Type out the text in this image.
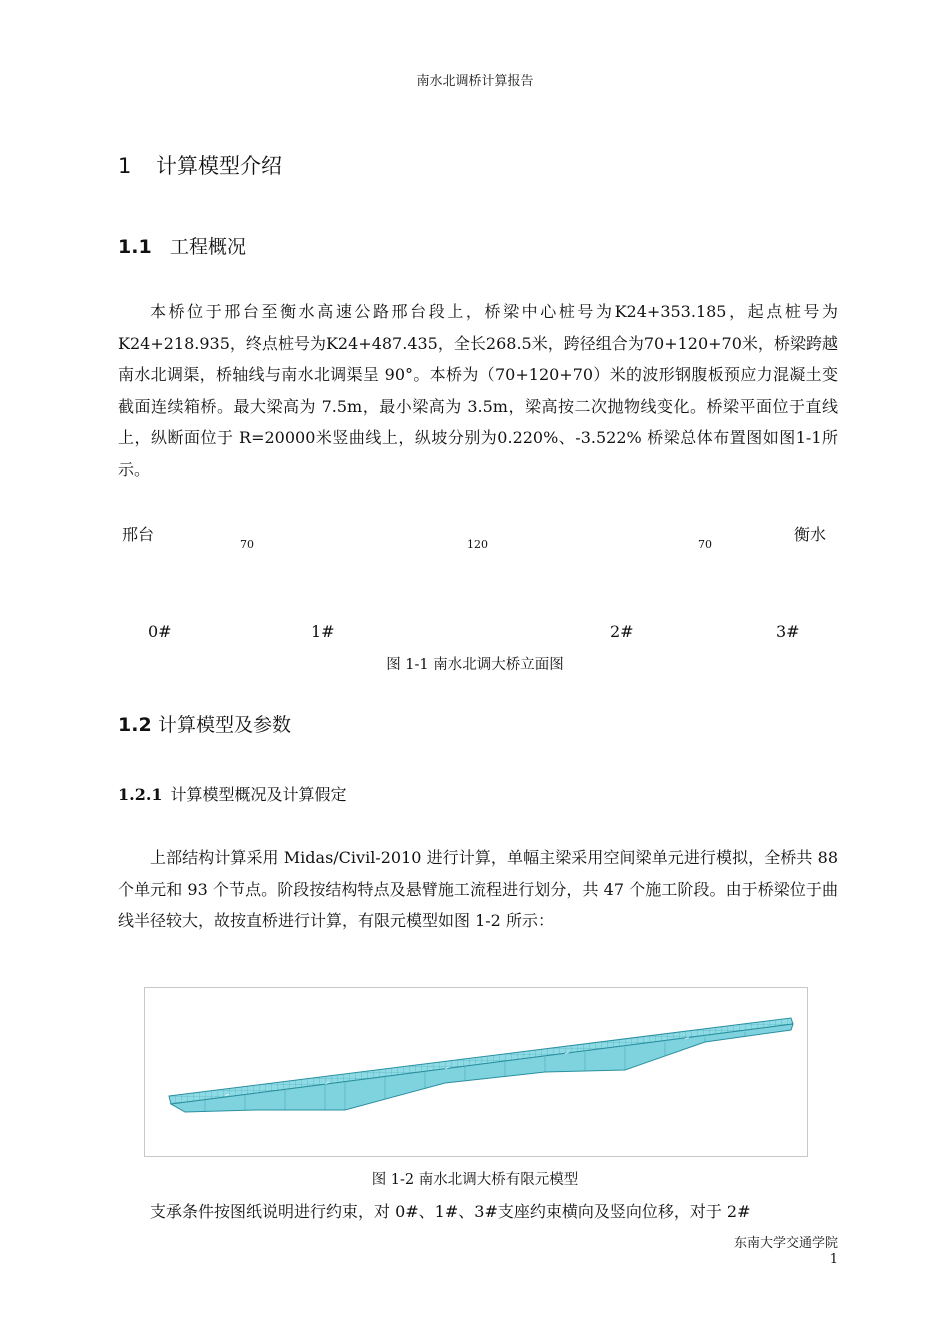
南水北调桥计算报告
1 计算模型介绍
1.1 工程概况

本桥位于邢台至衡水高速公路邢台段上，桥梁中心桩号为K24+353.185，起点桩号为K24+218.935，终点桩号为K24+487.435，全长268.5米，跨径组合为70+120+70米，桥梁跨越南水北调渠，桥轴线与南水北调渠呈 90°。本桥为（70+120+70）米的波形钢腹板预应力混凝土变截面连续箱桥。最大梁高为 7.5m，最小梁高为 3.5m，梁高按二次抛物线变化。桥梁平面位于直线上，纵断面位于 R=20000米竖曲线上，纵坡分别为0.220%、-3.522% 桥梁总体布置图如图1-1所示。

邢台	衡水
70	120	70
0#	1#	2#	3#
图 1-1 南水北调大桥立面图
1.2 计算模型及参数
1.2.1 计算模型概况及计算假定

上部结构计算采用 Midas/Civil-2010 进行计算，单幅主梁采用空间梁单元进行模拟，全桥共 88 个单元和 93 个节点。阶段按结构特点及悬臂施工流程进行划分，共 47 个施工阶段。由于桥梁位于曲线半径较大，故按直桥进行计算，有限元模型如图 1-2 所示：

图 1-2 南水北调大桥有限元模型

支承条件按图纸说明进行约束，对 0#、1#、3#支座约束横向及竖向位移，对于 2#

东南大学交通学院
1
